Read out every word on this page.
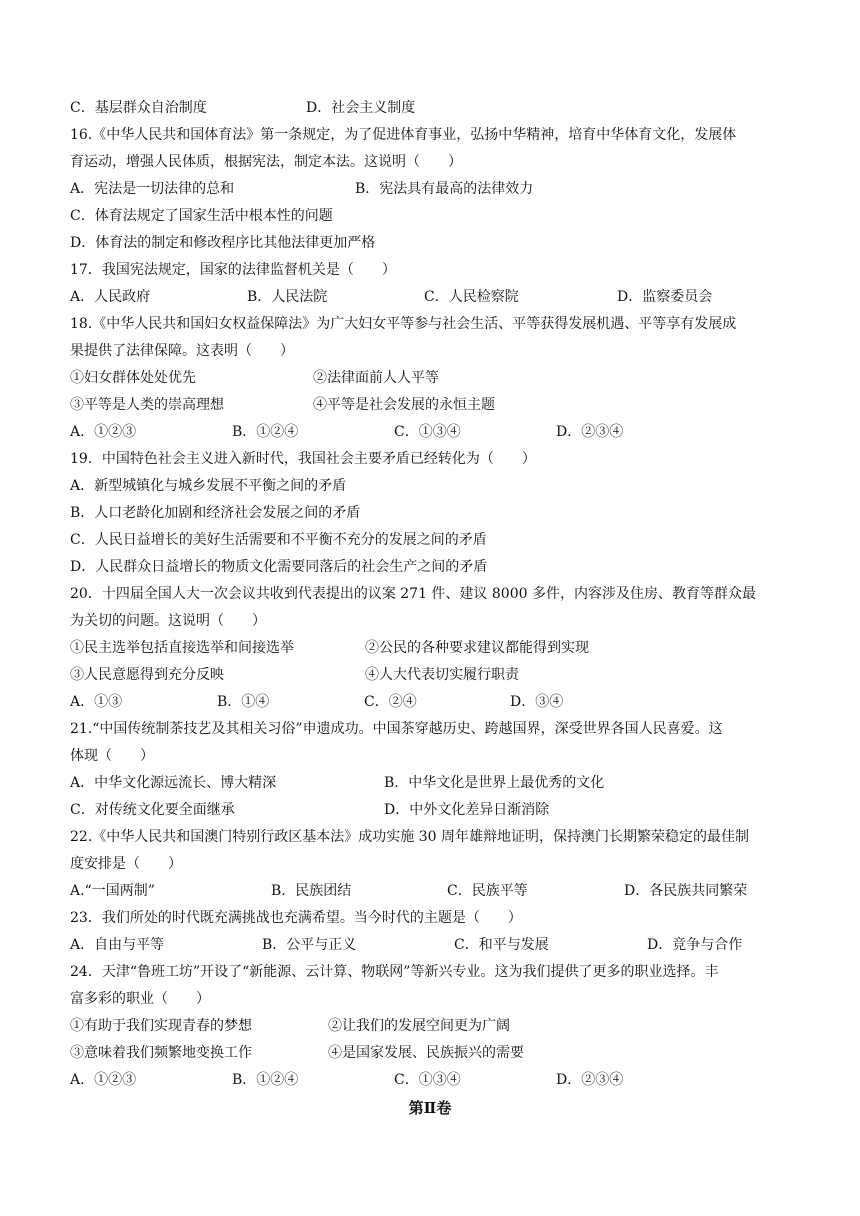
C．基层群众自治制度	D．社会主义制度
16.《中华人民共和国体育法》第一条规定，为了促进体育事业，弘扬中华精神，培育中华体育文化，发展体
育运动，增强人民体质，根据宪法，制定本法。这说明（　　）
A．宪法是一切法律的总和	B．宪法具有最高的法律效力
C．体育法规定了国家生活中根本性的问题
D．体育法的制定和修改程序比其他法律更加严格
17．我国宪法规定，国家的法律监督机关是（　　）
A．人民政府	B．人民法院	C．人民检察院	D．监察委员会
18.《中华人民共和国妇女权益保障法》为广大妇女平等参与社会生活、平等获得发展机遇、平等享有发展成
果提供了法律保障。这表明（　　）
①妇女群体处处优先	②法律面前人人平等
③平等是人类的崇高理想	④平等是社会发展的永恒主题
A．①②③	B．①②④	C．①③④	D．②③④
19．中国特色社会主义进入新时代，我国社会主要矛盾已经转化为（　　）
A．新型城镇化与城乡发展不平衡之间的矛盾
B．人口老龄化加剧和经济社会发展之间的矛盾
C．人民日益增长的美好生活需要和不平衡不充分的发展之间的矛盾
D．人民群众日益增长的物质文化需要同落后的社会生产之间的矛盾
20．十四届全国人大一次会议共收到代表提出的议案 271 件、建议 8000 多件，内容涉及住房、教育等群众最
为关切的问题。这说明（　　）
①民主选举包括直接选举和间接选举	②公民的各种要求建议都能得到实现
③人民意愿得到充分反映	④人大代表切实履行职责
A．①③	B．①④	C．②④	D．③④
21.“中国传统制茶技艺及其相关习俗”申遗成功。中国茶穿越历史、跨越国界，深受世界各国人民喜爱。这
体现（　　）
A．中华文化源远流长、博大精深	B．中华文化是世界上最优秀的文化
C．对传统文化要全面继承	D．中外文化差异日渐消除
22.《中华人民共和国澳门特别行政区基本法》成功实施 30 周年雄辩地证明，保持澳门长期繁荣稳定的最佳制
度安排是（　　）
A.“一国两制”	B．民族团结	C．民族平等	D．各民族共同繁荣
23．我们所处的时代既充满挑战也充满希望。当今时代的主题是（　　）
A．自由与平等	B．公平与正义	C．和平与发展	D．竞争与合作
24．天津“鲁班工坊”开设了“新能源、云计算、物联网”等新兴专业。这为我们提供了更多的职业选择。丰
富多彩的职业（　　）
①有助于我们实现青春的梦想	②让我们的发展空间更为广阔
③意味着我们频繁地变换工作	④是国家发展、民族振兴的需要
A．①②③	B．①②④	C．①③④	D．②③④
第Ⅱ卷
